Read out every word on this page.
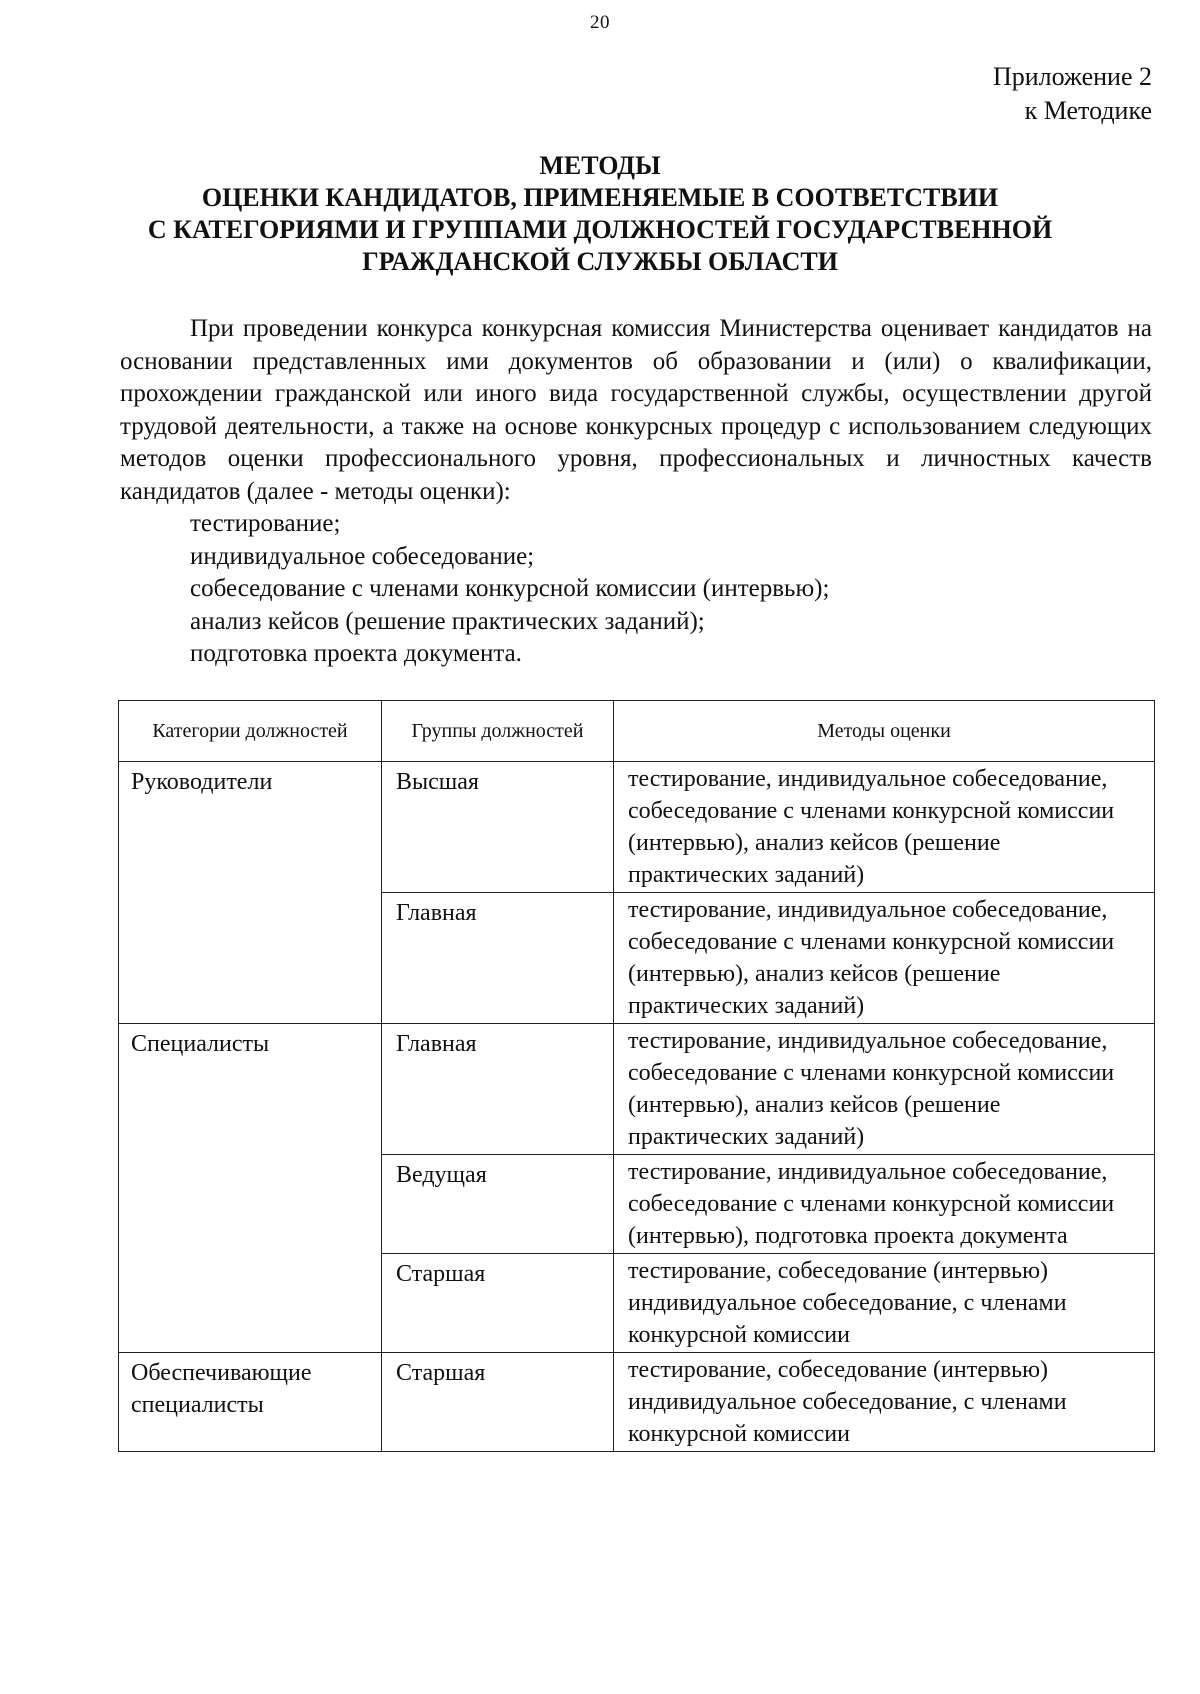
20
Приложение 2
к Методике
МЕТОДЫ
ОЦЕНКИ КАНДИДАТОВ, ПРИМЕНЯЕМЫЕ В СООТВЕТСТВИИ
С КАТЕГОРИЯМИ И ГРУППАМИ ДОЛЖНОСТЕЙ ГОСУДАРСТВЕННОЙ
ГРАЖДАНСКОЙ СЛУЖБЫ ОБЛАСТИ

При проведении конкурса конкурсная комиссия Министерства оценивает кандидатов на основании представленных ими документов об образовании и (или) о квалификации, прохождении гражданской или иного вида государственной службы, осуществлении другой трудовой деятельности, а также на основе конкурсных процедур с использованием следующих методов оценки профессионального уровня, профессиональных и личностных качеств кандидатов (далее - методы оценки):

тестирование;
индивидуальное собеседование;
собеседование с членами конкурсной комиссии (интервью);
анализ кейсов (решение практических заданий);
подготовка проекта документа.
Категории должностей	Группы должностей	Методы оценки
Руководители	Высшая	тестирование, индивидуальное собеседование, собеседование с членами конкурсной комиссии (интервью), анализ кейсов (решение практических заданий)
	Главная	тестирование, индивидуальное собеседование, собеседование с членами конкурсной комиссии (интервью), анализ кейсов (решение практических заданий)
Специалисты	Главная	тестирование, индивидуальное собеседование, собеседование с членами конкурсной комиссии (интервью), анализ кейсов (решение практических заданий)
	Ведущая	тестирование, индивидуальное собеседование, собеседование с членами конкурсной комиссии (интервью), подготовка проекта документа
	Старшая	тестирование, собеседование (интервью) индивидуальное собеседование, с членами конкурсной комиссии
Обеспечивающие специалисты	Старшая	тестирование, собеседование (интервью) индивидуальное собеседование, с членами конкурсной комиссии
